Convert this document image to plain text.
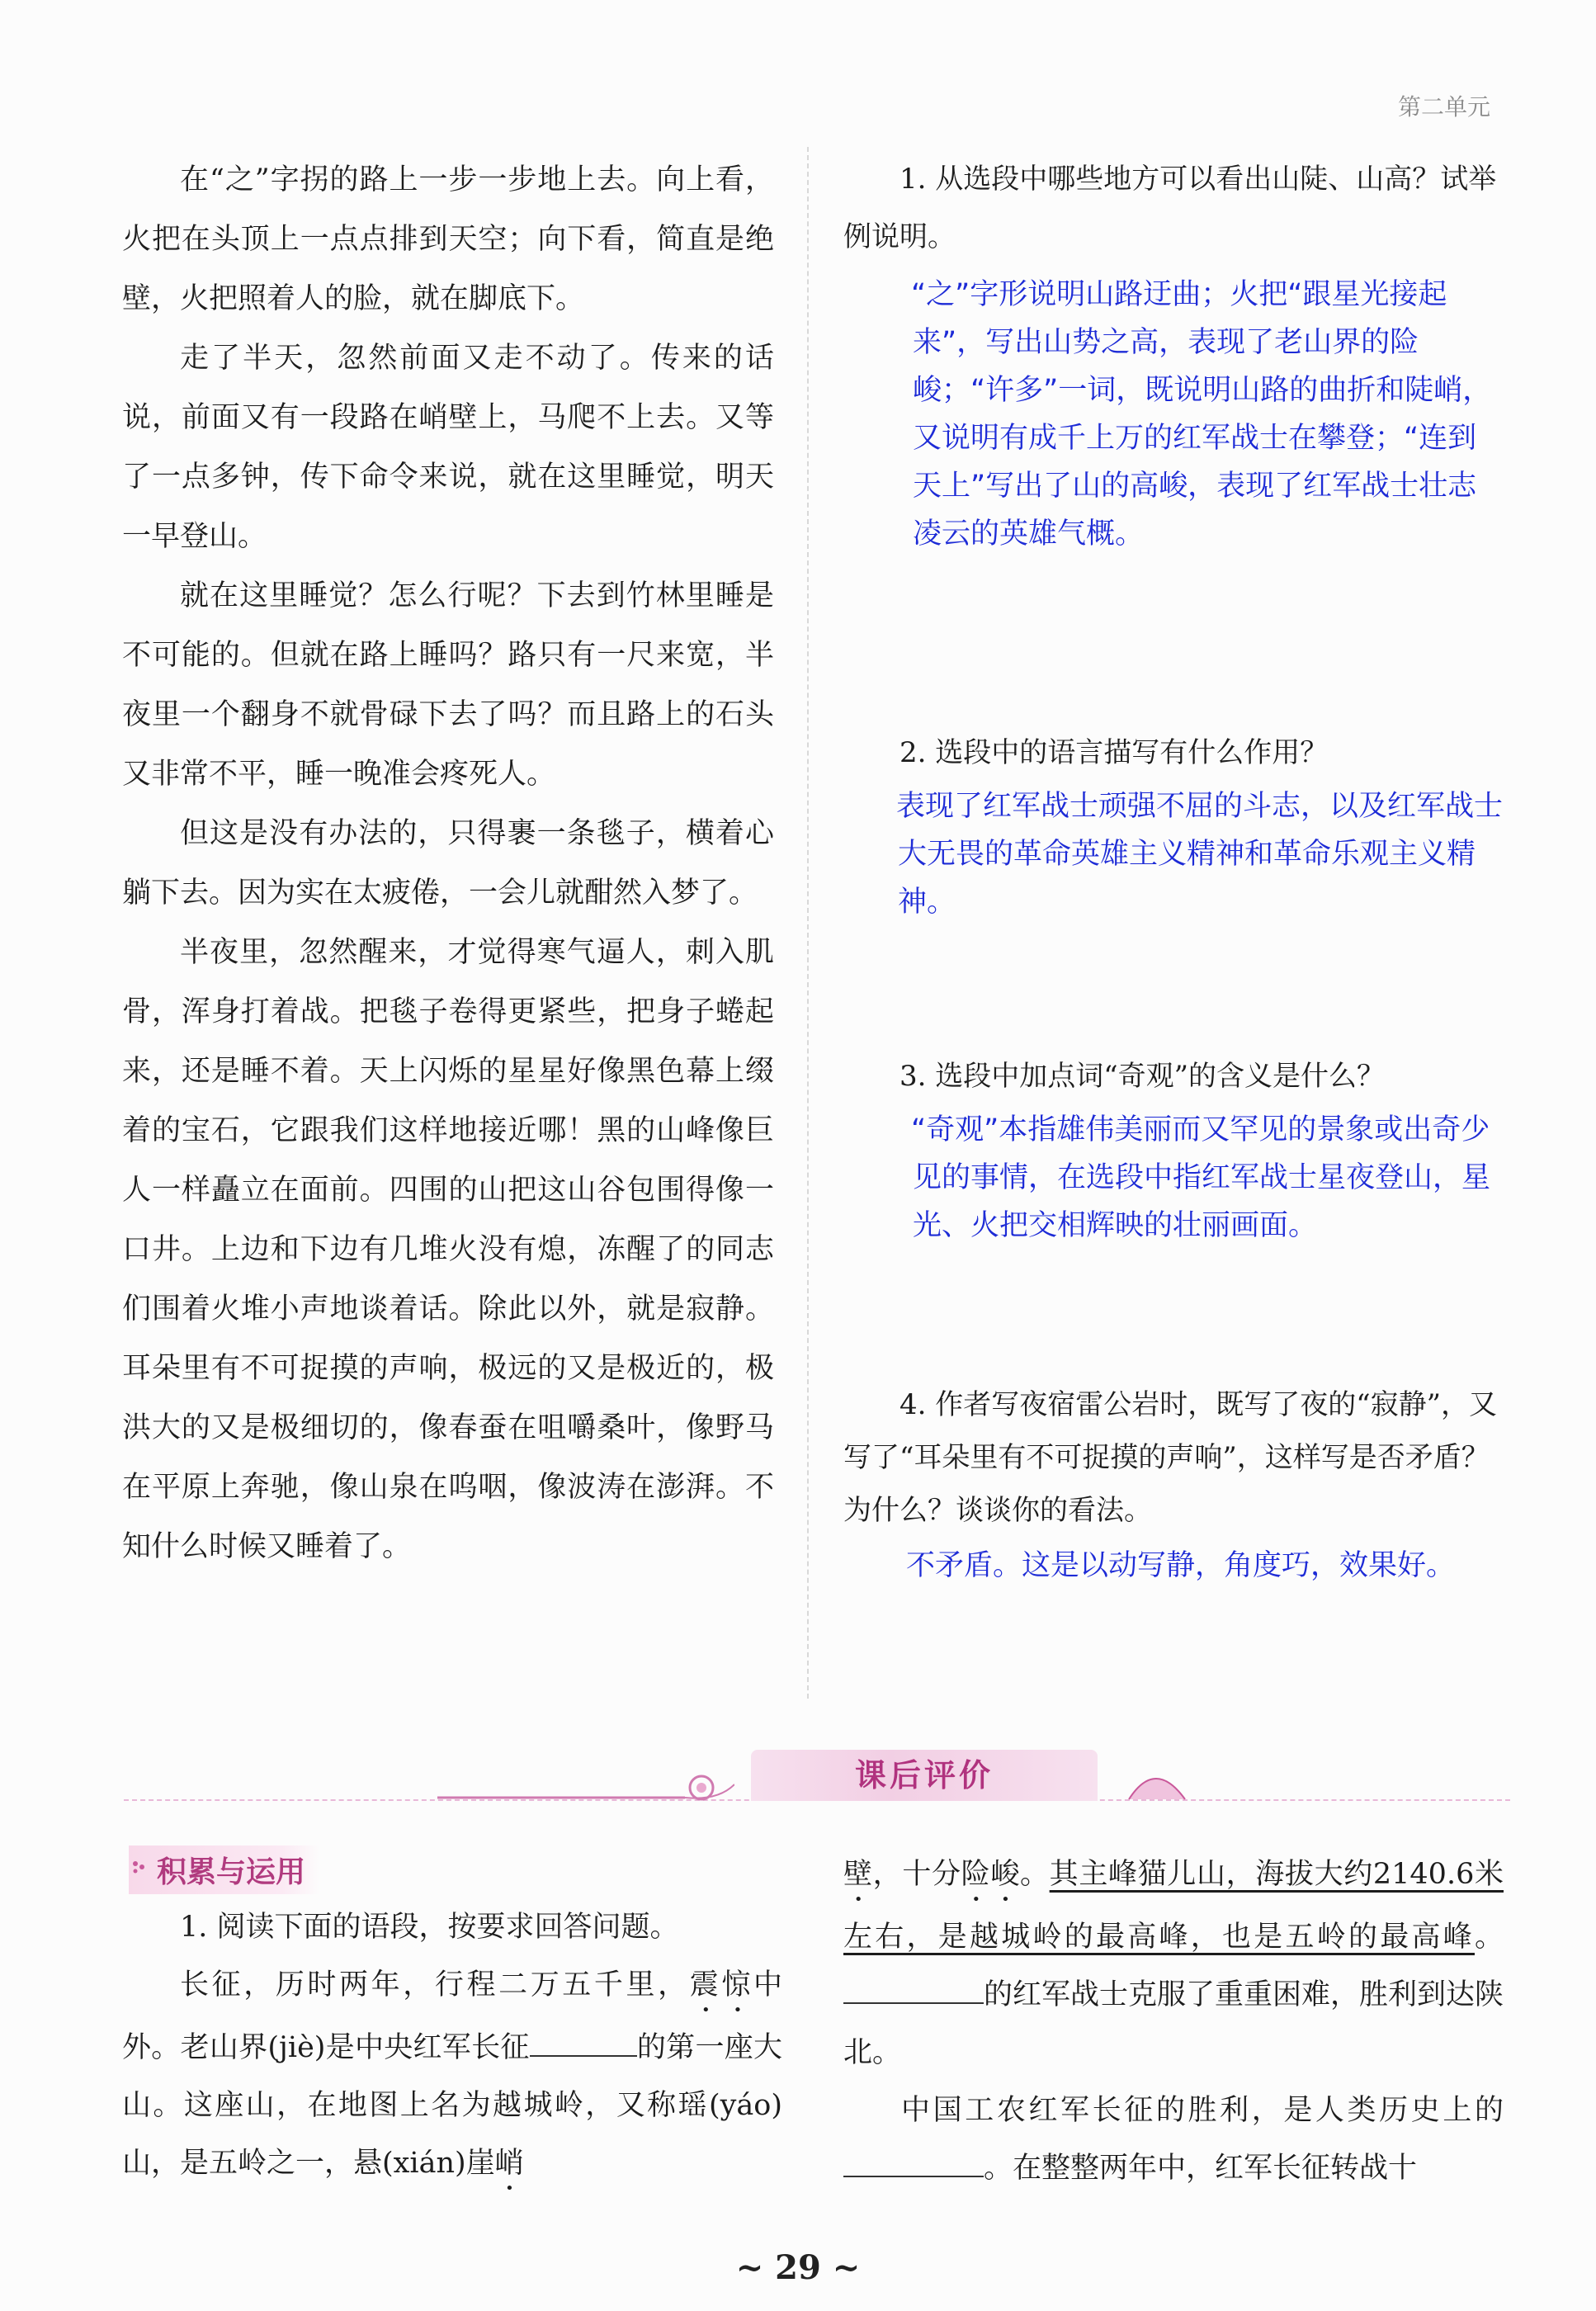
第二单元

在“之”字拐的路上一步一步地上去。向上看，火把在头顶上一点点排到天空；向下看，简直是绝壁，火把照着人的脸，就在脚底下。

走了半天，忽然前面又走不动了。传来的话说，前面又有一段路在峭壁上，马爬不上去。又等了一点多钟，传下命令来说，就在这里睡觉，明天一早登山。

就在这里睡觉？怎么行呢？下去到竹林里睡是不可能的。但就在路上睡吗？路只有一尺来宽，半夜里一个翻身不就骨碌下去了吗？而且路上的石头又非常不平，睡一晚准会疼死人。

但这是没有办法的，只得裹一条毯子，横着心躺下去。因为实在太疲倦，一会儿就酣然入梦了。

半夜里，忽然醒来，才觉得寒气逼人，刺入肌骨，浑身打着战。把毯子卷得更紧些，把身子蜷起来，还是睡不着。天上闪烁的星星好像黑色幕上缀着的宝石，它跟我们这样地接近哪！黑的山峰像巨人一样矗立在面前。四围的山把这山谷包围得像一口井。上边和下边有几堆火没有熄，冻醒了的同志们围着火堆小声地谈着话。除此以外，就是寂静。耳朵里有不可捉摸的声响，极远的又是极近的，极洪大的又是极细切的，像春蚕在咀嚼桑叶，像野马在平原上奔驰，像山泉在呜咽，像波涛在澎湃。不知什么时候又睡着了。

1. 从选段中哪些地方可以看出山陡、山高？试举例说明。

“之”字形说明山路迂曲；火把“跟星光接起来”，写出山势之高，表现了老山界的险峻；“许多”一词，既说明山路的曲折和陡峭，又说明有成千上万的红军战士在攀登；“连到天上”写出了山的高峻，表现了红军战士壮志凌云的英雄气概。

2. 选段中的语言描写有什么作用？

表现了红军战士顽强不屈的斗志，以及红军战士大无畏的革命英雄主义精神和革命乐观主义精神。

3. 选段中加点词“奇观”的含义是什么？

“奇观”本指雄伟美丽而又罕见的景象或出奇少见的事情，在选段中指红军战士星夜登山，星光、火把交相辉映的壮丽画面。

4. 作者写夜宿雷公岩时，既写了夜的“寂静”，又写了“耳朵里有不可捉摸的声响”，这样写是否矛盾？为什么？谈谈你的看法。

不矛盾。这是以动写静，角度巧，效果好。

课后评价
积累与运用

1. 阅读下面的语段，按要求回答问题。

长征，历时两年，行程二万五千里，震惊中外。老山界(jiè)是中央红军长征	的第一座大山。这座山，在地图上名为越城岭，又称瑶(yáo)山，是五岭之一，悬(xián)崖峭

壁，十分险峻。其主峰猫儿山，海拔大约2140.6米左右，是越城岭的最高峰，也是五岭的最高峰。的红军战士克服了重重困难，胜利到达陕北。

中国工农红军长征的胜利，是人类历史上的。在整整两年中，红军长征转战十

~ 29 ~
